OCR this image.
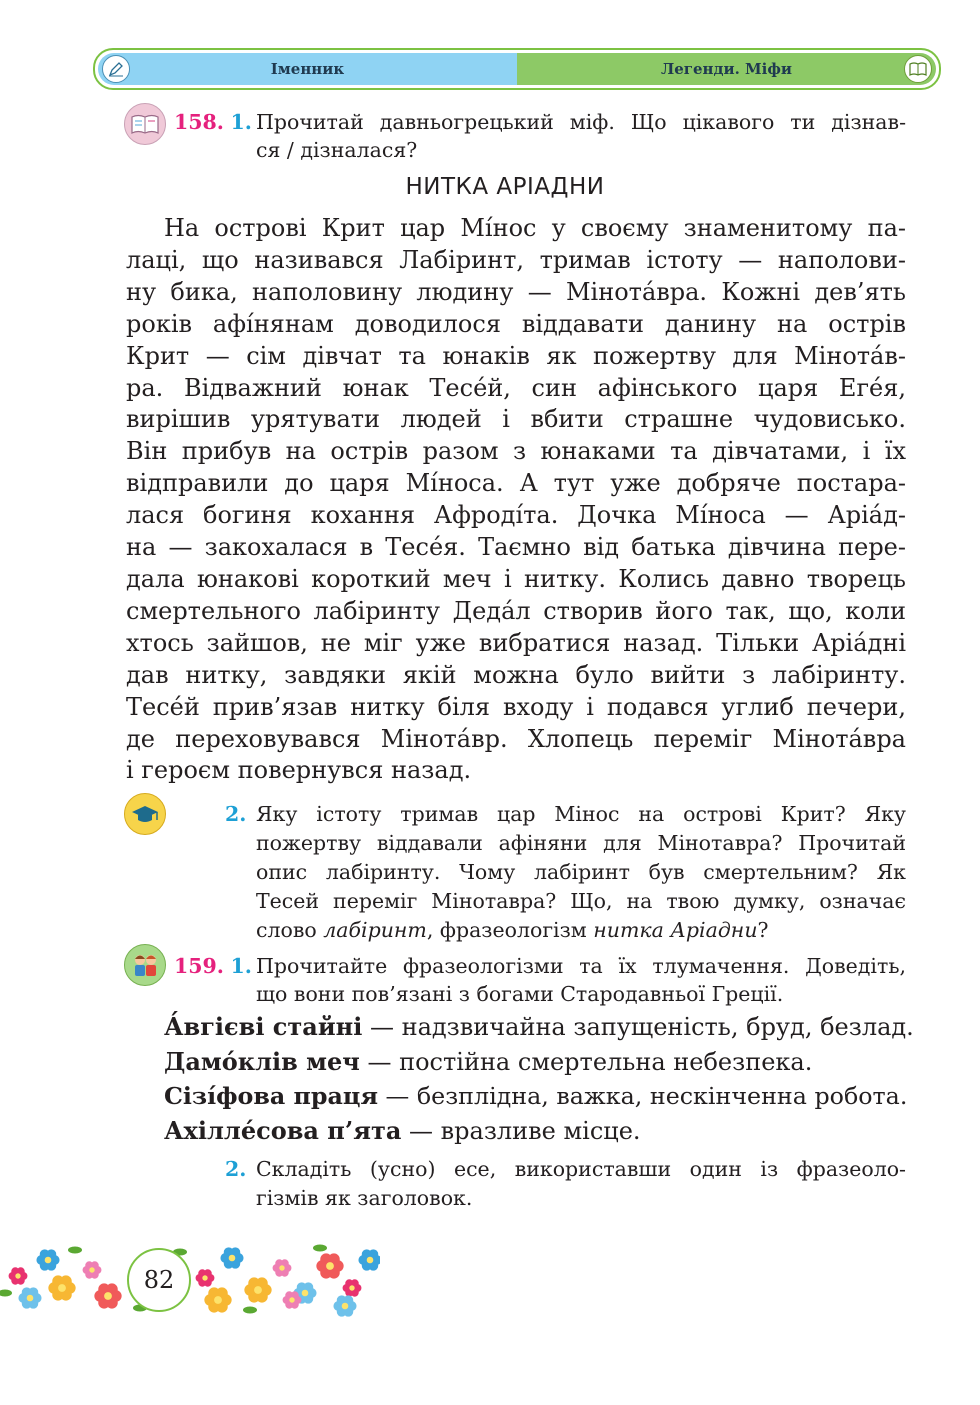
Іменник	Легенди. Міфи
158. 1. Прочитай давньогрецький міф. Що цікавого ти дізнав-
ся / дізналася?
НИТКА АРІАДНИ
На острові Крит цар Мі́нос у своєму знаменитому па-
лаці, що називався Лабіринт, тримав істоту — наполови-
ну бика, наполовину людину — Мінота́вра. Кожні дев’ять
років афі́нянам доводилося віддавати данину на острів
Крит — сім дівчат та юнаків як пожертву для Мінота́в-
ра. Відважний юнак Тесе́й, син афінського царя Еге́я,
вирішив урятувати людей і вбити страшне чудовисько.
Він прибув на острів разом з юнаками та дівчатами, і їх
відправили до царя Мі́носа. А тут уже добряче постара-
лася богиня кохання Афроді́та. Дочка Мі́носа — Аріа́д-
на — закохалася в Тесе́я. Таємно від батька дівчина пере-
дала юнакові короткий меч і нитку. Колись давно творець
смертельного лабіринту Деда́л створив його так, що, коли
хтось зайшов, не міг уже вибратися назад. Тільки Аріа́дні
дав нитку, завдяки якій можна було вийти з лабіринту.
Тесе́й прив’язав нитку біля входу і подався углиб печери,
де переховувався Мінота́вр. Хлопець переміг Мінота́вра
і героєм повернувся назад.
2. Яку істоту тримав цар Мінос на острові Крит? Яку
пожертву віддавали афіняни для Мінотавра? Прочитай
опис лабіринту. Чому лабіринт був смертельним? Як
Тесей переміг Мінотавра? Що, на твою думку, означає
слово лабіринт, фразеологізм нитка Аріадни?
159. 1. Прочитайте фразеологізми та їх тлумачення. Доведіть,
що вони пов’язані з богами Стародавньої Греції.
А́вгієві стайні — надзвичайна запущеність, бруд, безлад.
Дамо́клів меч — постійна смертельна небезпека.
Сізі́фова праця — безплідна, важка, нескінченна робота.
Ахілле́сова п’ята — вразливе місце.
2. Складіть (усно) есе, використавши один із фразеоло-
гізмів як заголовок.
82
